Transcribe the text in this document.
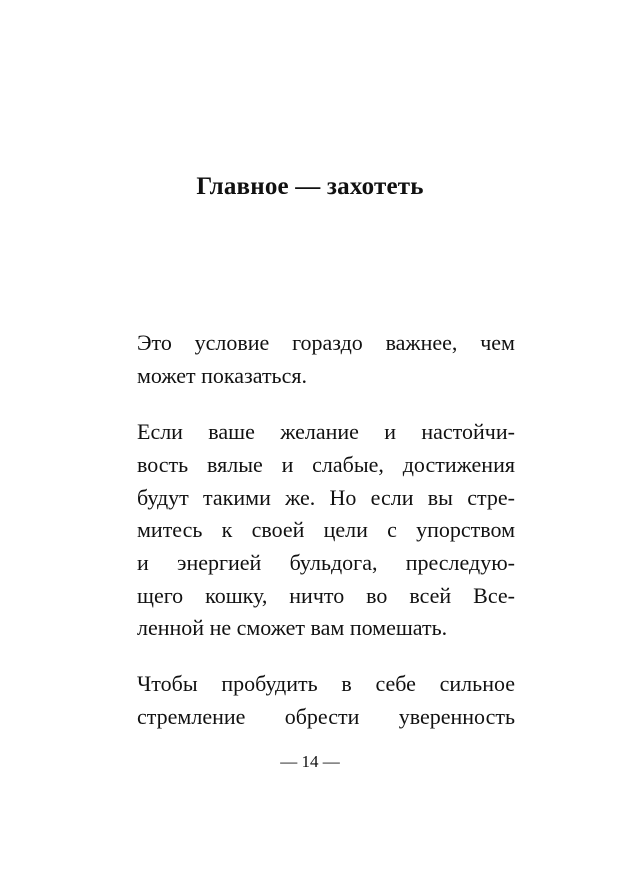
Главное — захотеть
Это условие гораздо важнее, чем
может показаться.
Если ваше желание и настойчи-
вость вялые и слабые, достижения
будут такими же. Но если вы стре-
митесь к своей цели с упорством
и энергией бульдога, преследую-
щего кошку, ничто во всей Все-
ленной не сможет вам помешать.
Чтобы пробудить в себе сильное
стремление обрести уверенность
— 14 —
